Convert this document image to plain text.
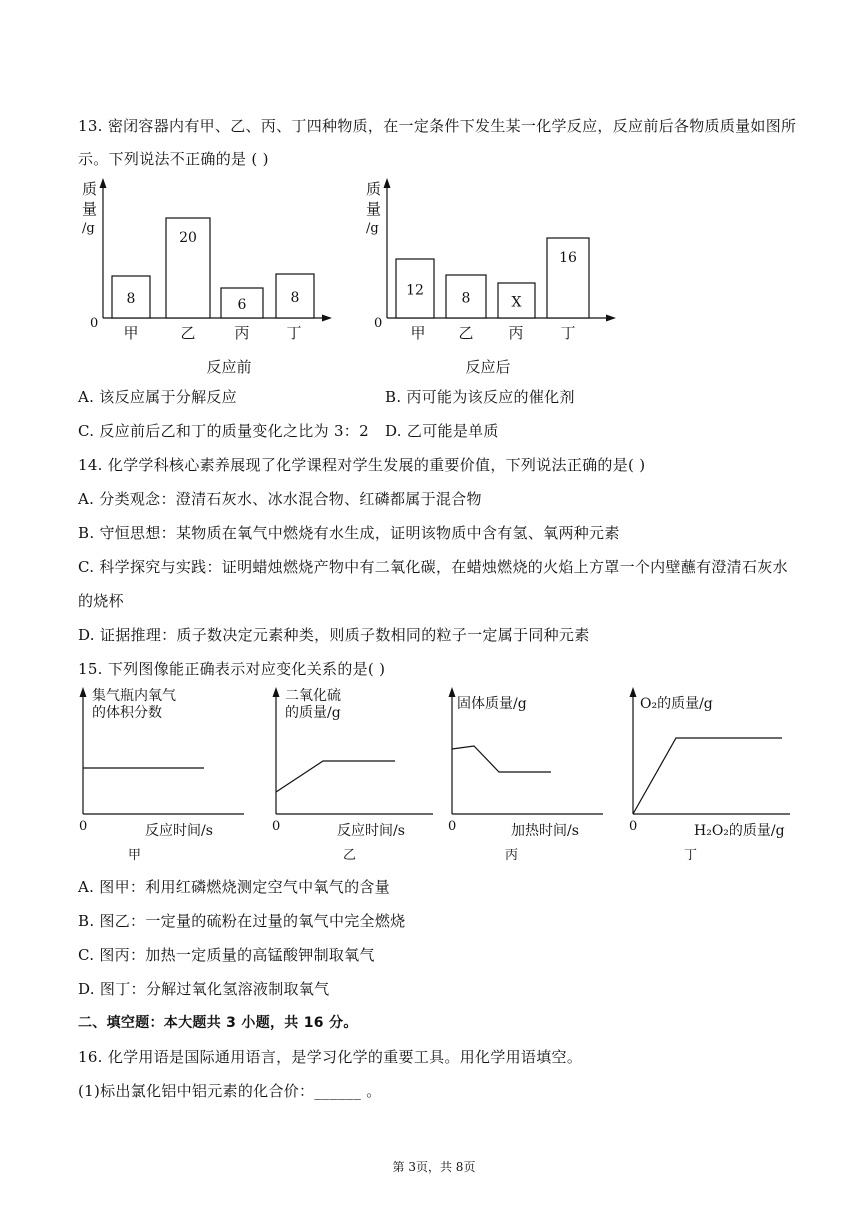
13. 密闭容器内有甲、乙、丙、丁四种物质，在一定条件下发生某一化学反应，反应前后各物质质量如图所
示。下列说法不正确的是 ( )
质
量
/g
0
8
甲
20
乙
6
丙
8
丁
反应前
质
量
/g
0
12
甲
8
乙
X
丙
16
丁
反应后
A. 该反应属于分解反应	B. 丙可能为该反应的催化剂
C. 反应前后乙和丁的质量变化之比为 3：2 D. 乙可能是单质
14. 化学学科核心素养展现了化学课程对学生发展的重要价值，下列说法正确的是( )
A. 分类观念：澄清石灰水、冰水混合物、红磷都属于混合物
B. 守恒思想：某物质在氧气中燃烧有水生成，证明该物质中含有氢、氧两种元素
C. 科学探究与实践：证明蜡烛燃烧产物中有二氧化碳，在蜡烛燃烧的火焰上方罩一个内壁蘸有澄清石灰水
的烧杯
D. 证据推理：质子数决定元素种类，则质子数相同的粒子一定属于同种元素
15. 下列图像能正确表示对应变化关系的是( )
集气瓶内氧气
的体积分数
0	反应时间/s
甲
二氧化硫
的质量/g
0	反应时间/s
乙
固体质量/g
0	加热时间/s
丙
O₂的质量/g
0	H₂O₂的质量/g
丁
A. 图甲：利用红磷燃烧测定空气中氧气的含量
B. 图乙：一定量的硫粉在过量的氧气中完全燃烧
C. 图丙：加热一定质量的高锰酸钾制取氧气
D. 图丁：分解过氧化氢溶液制取氧气
二、填空题：本大题共 3 小题，共 16 分。
16. 化学用语是国际通用语言，是学习化学的重要工具。用化学用语填空。
(1)标出氯化铝中铝元素的化合价：______ 。
第 3页，共 8页
